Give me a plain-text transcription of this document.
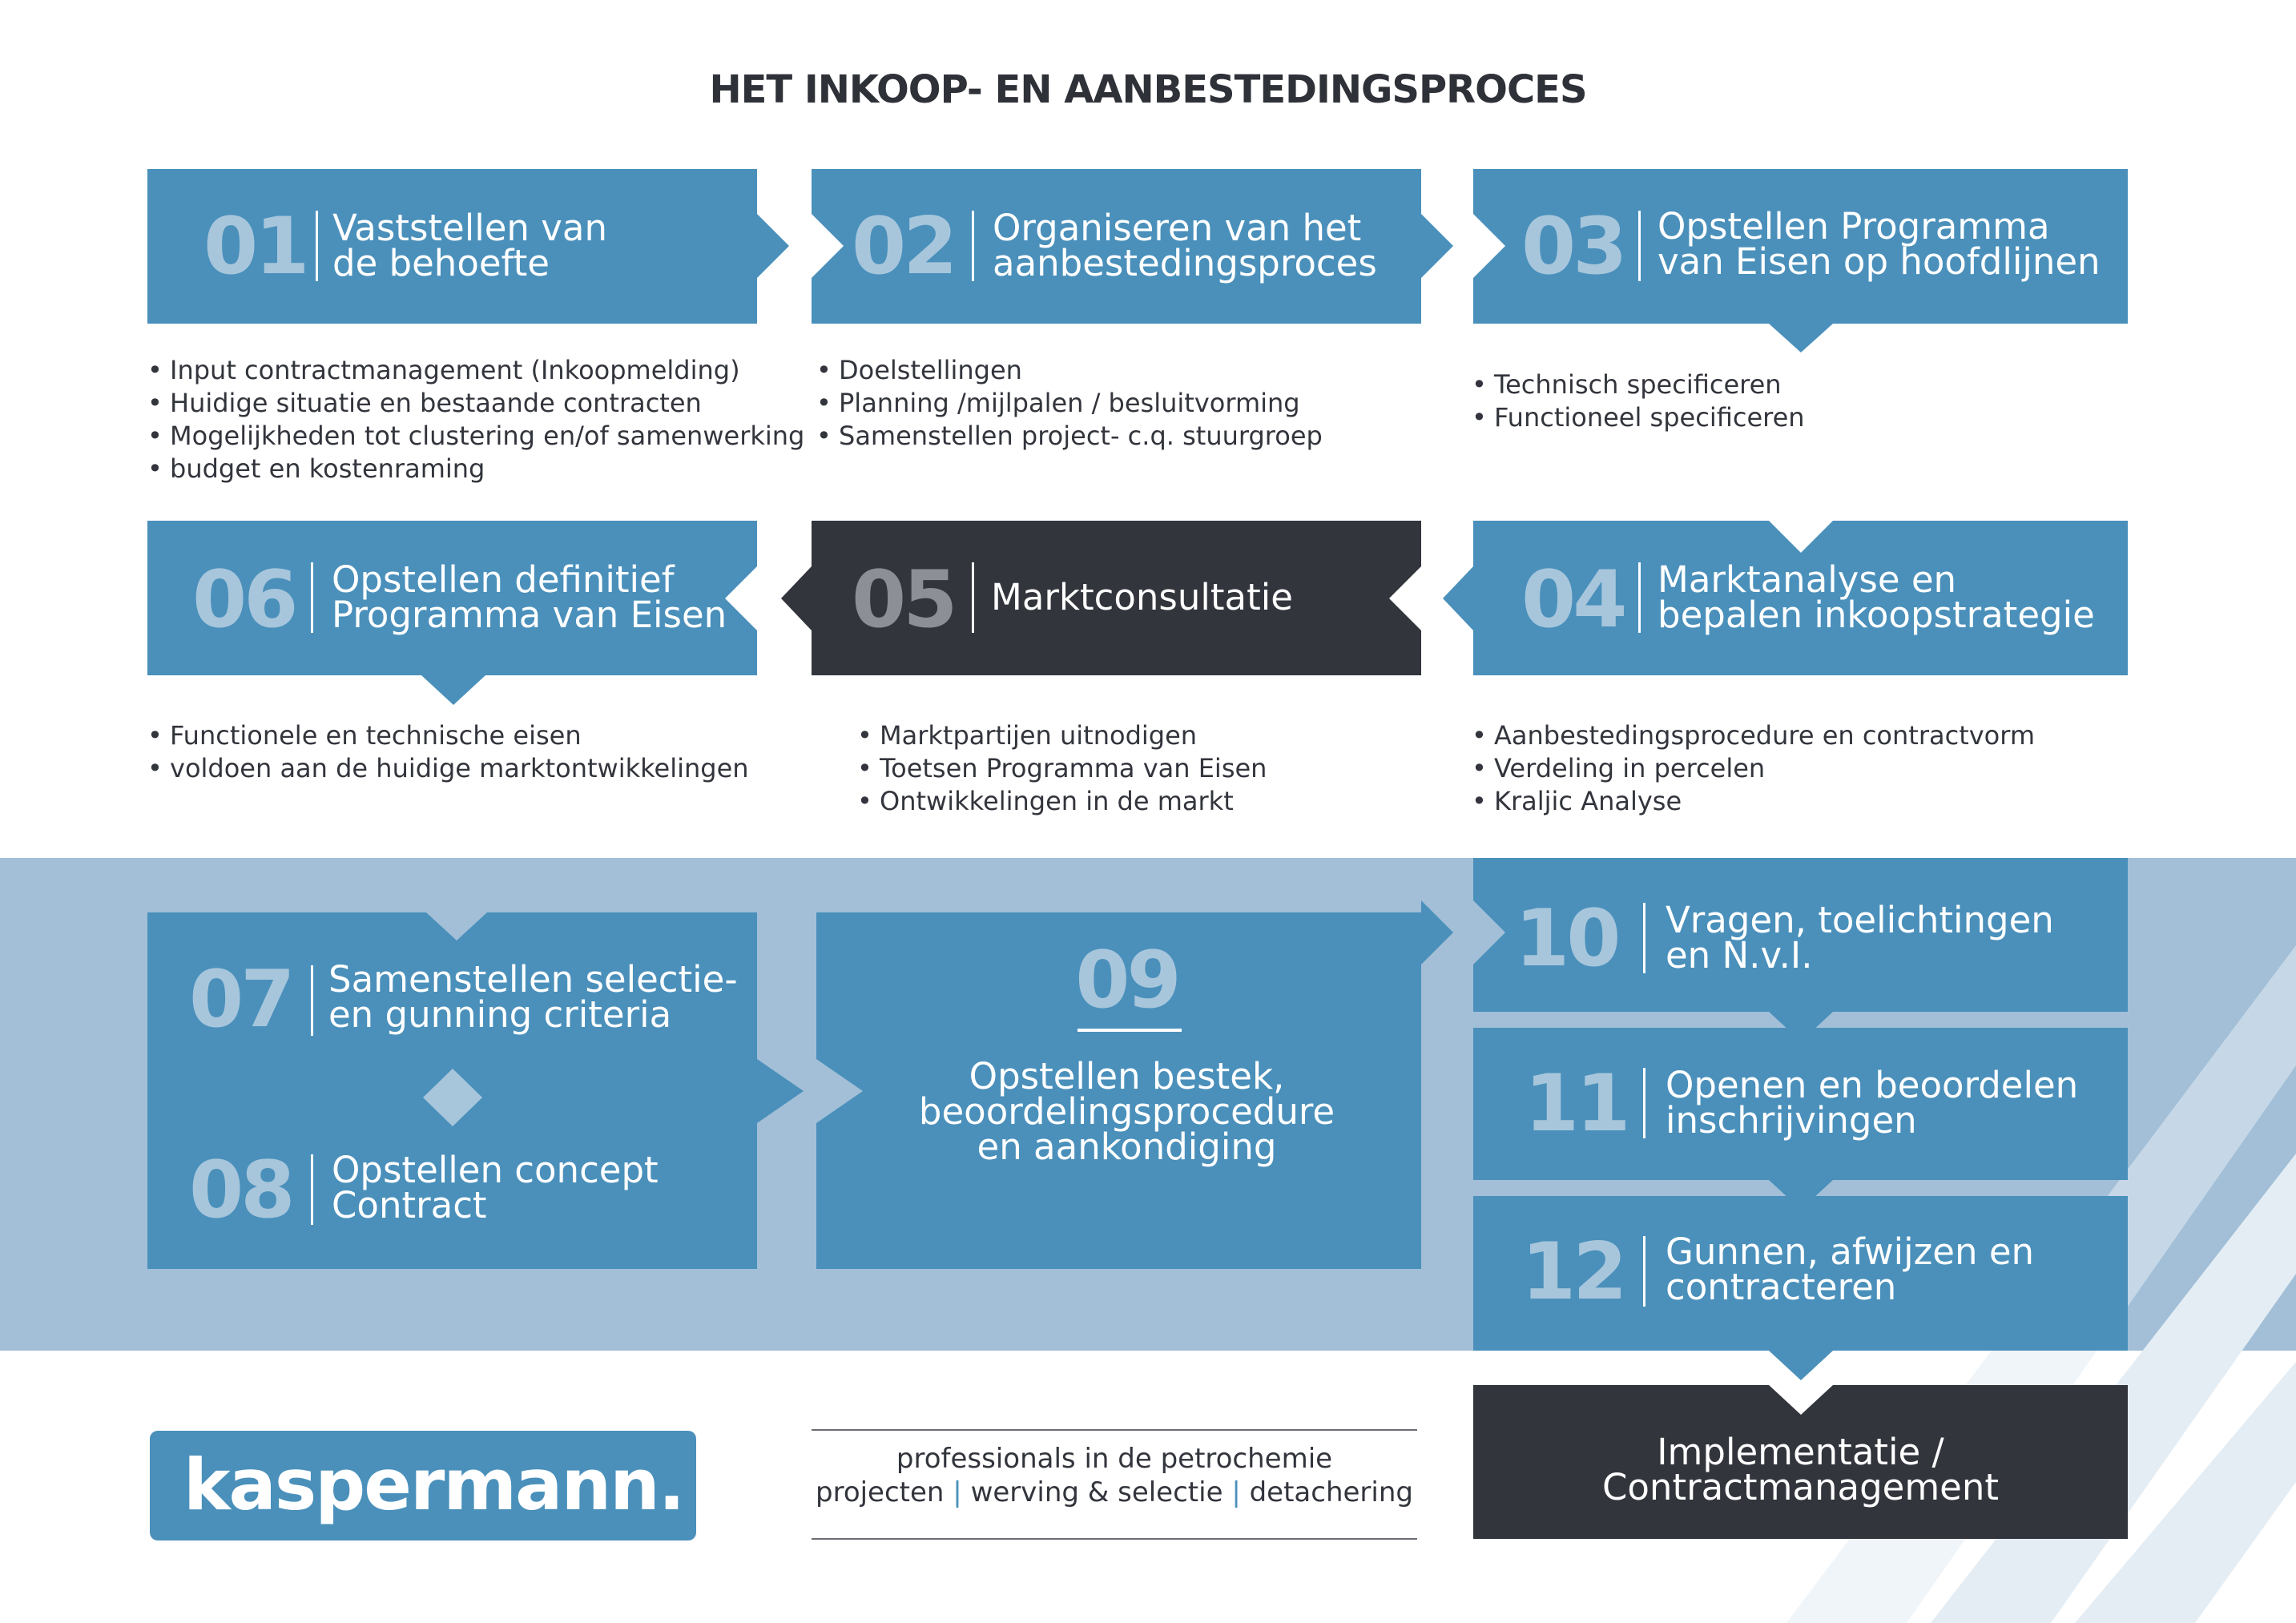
HET INKOOP- EN AANBESTEDINGSPROCES
01 Vaststellen van
de behoefte
• Input contractmanagement (Inkoopmelding)
• Huidige situatie en bestaande contracten
• Mogelijkheden tot clustering en/of samenwerking
• budget en kostenraming
02 Organiseren van het
aanbestedingsproces
• Doelstellingen
• Planning /mijlpalen / besluitvorming
• Samenstellen project- c.q. stuurgroep
03 Opstellen Programma
van Eisen op hoofdlijnen
• Technisch specificeren
• Functioneel specificeren
06 Opstellen definitief
Programma van Eisen
• Functionele en technische eisen
• voldoen aan de huidige marktontwikkelingen
05 Marktconsultatie
• Marktpartijen uitnodigen
• Toetsen Programma van Eisen
• Ontwikkelingen in de markt
04 Marktanalyse en
bepalen inkoopstrategie
• Aanbestedingsprocedure en contractvorm
• Verdeling in percelen
• Kraljic Analyse
07 Samenstellen selectie-
en gunning criteria
08 Opstellen concept
Contract
09
Opstellen bestek,
beoordelingsprocedure
en aankondiging
10 Vragen, toelichtingen
en N.v.I.
11 Openen en beoordelen
inschrijvingen
12 Gunnen, afwijzen en
contracteren
Implementatie /
Contractmanagement
kaspermann.	professionals in de petrochemie
projecten | werving & selectie | detachering
